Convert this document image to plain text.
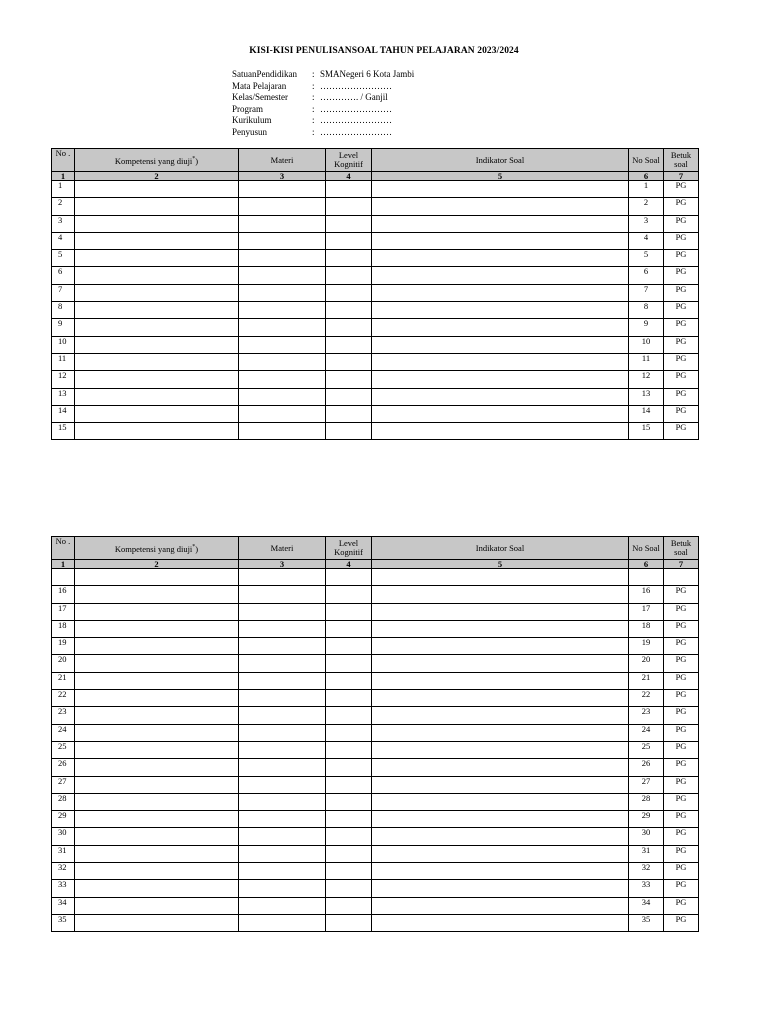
KISI-KISI PENULISANSOAL TAHUN PELAJARAN 2023/2024
SatuanPendidikan	: SMANegeri 6 Kota Jambi
Mata Pelajaran	: ……………………
Kelas/Semester	: …………. / Ganjil
Program	: ……………………
Kurikulum	: ……………………
Penyusun	: ……………………
No .	Kompetensi yang diuji*)	Materi	Level Kognitif	Indikator Soal	No Soal	Betuk soal
1	2	3	4	5	6	7
1					1	PG
2					2	PG
3					3	PG
4					4	PG
5					5	PG
6					6	PG
7					7	PG
8					8	PG
9					9	PG
10					10	PG
11					11	PG
12					12	PG
13					13	PG
14					14	PG
15					15	PG
No .	Kompetensi yang diuji*)	Materi	Level Kognitif	Indikator Soal	No Soal	Betuk soal
1	2	3	4	5	6	7

16					16	PG
17					17	PG
18					18	PG
19					19	PG
20					20	PG
21					21	PG
22					22	PG
23					23	PG
24					24	PG
25					25	PG
26					26	PG
27					27	PG
28					28	PG
29					29	PG
30					30	PG
31					31	PG
32					32	PG
33					33	PG
34					34	PG
35					35	PG
